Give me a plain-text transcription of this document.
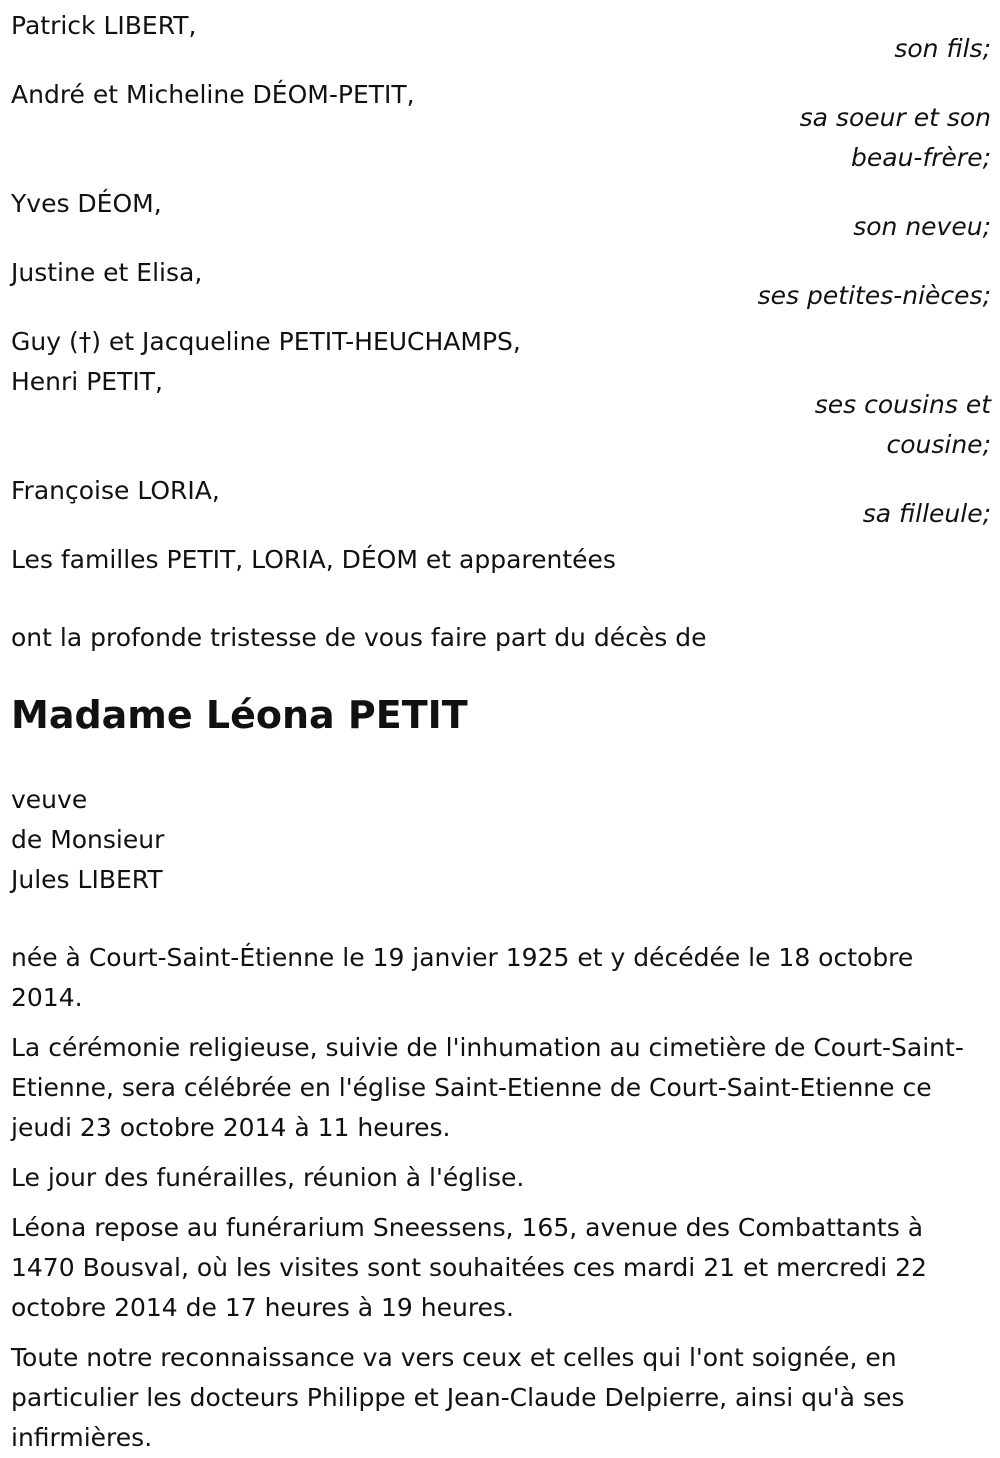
Patrick LIBERT,
son fils;
André et Micheline DÉOM-PETIT,
sa soeur et son beau-frère;
Yves DÉOM,
son neveu;
Justine et Elisa,
ses petites-nièces;
Guy (†) et Jacqueline PETIT-HEUCHAMPS,
Henri PETIT,
ses cousins et cousine;
Françoise LORIA,
sa filleule;
Les familles PETIT, LORIA, DÉOM et apparentées
ont la profonde tristesse de vous faire part du décès de
Madame Léona PETIT
veuve
de Monsieur
Jules LIBERT
née à Court-Saint-Étienne le 19 janvier 1925 et y décédée le 18 octobre 2014.
La cérémonie religieuse, suivie de l'inhumation au cimetière de Court-Saint-Etienne, sera célébrée en l'église Saint-Etienne de Court-Saint-Etienne ce jeudi 23 octobre 2014 à 11 heures.
Le jour des funérailles, réunion à l'église.
Léona repose au funérarium Sneessens, 165, avenue des Combattants à 1470 Bousval, où les visites sont souhaitées ces mardi 21 et mercredi 22 octobre 2014 de 17 heures à 19 heures.
Toute notre reconnaissance va vers ceux et celles qui l'ont soignée, en particulier les docteurs Philippe et Jean-Claude Delpierre, ainsi qu'à ses infirmières.
